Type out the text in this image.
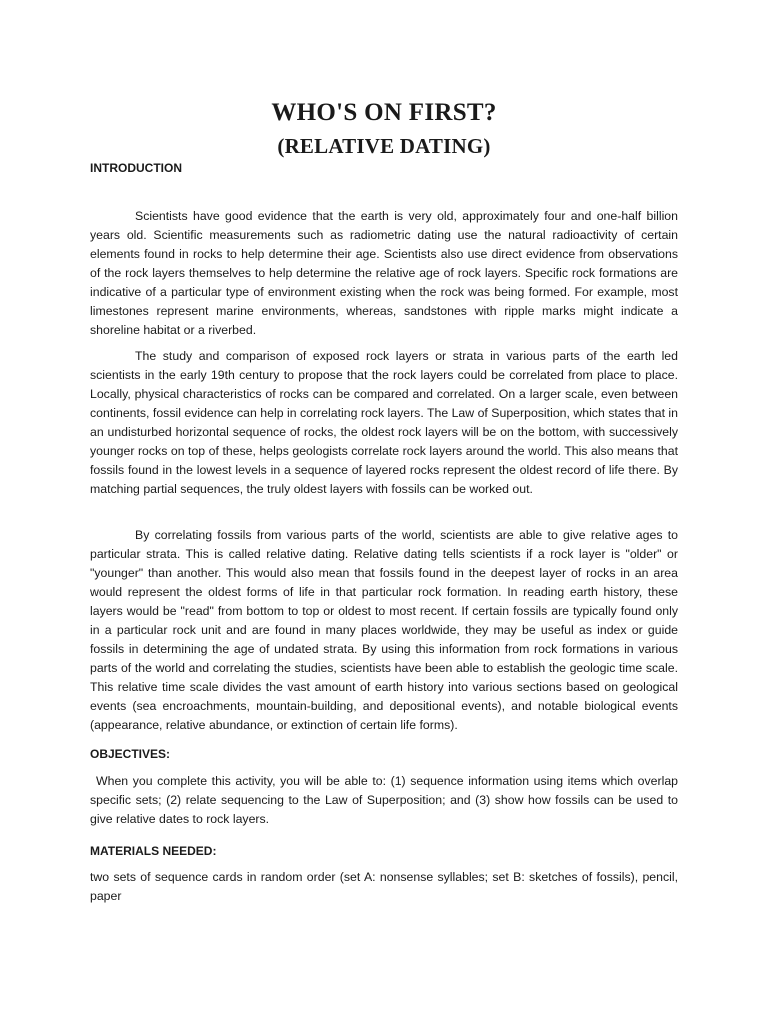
WHO'S ON FIRST?
(RELATIVE DATING)
INTRODUCTION

Scientists have good evidence that the earth is very old, approximately four and one-half billion years old. Scientific measurements such as radiometric dating use the natural radioactivity of certain elements found in rocks to help determine their age. Scientists also use direct evidence from observations of the rock layers themselves to help determine the relative age of rock layers. Specific rock formations are indicative of a particular type of environment existing when the rock was being formed. For example, most limestones represent marine environments, whereas, sandstones with ripple marks might indicate a shoreline habitat or a riverbed.

The study and comparison of exposed rock layers or strata in various parts of the earth led scientists in the early 19th century to propose that the rock layers could be correlated from place to place. Locally, physical characteristics of rocks can be compared and correlated. On a larger scale, even between continents, fossil evidence can help in correlating rock layers. The Law of Superposition, which states that in an undisturbed horizontal sequence of rocks, the oldest rock layers will be on the bottom, with successively younger rocks on top of these, helps geologists correlate rock layers around the world. This also means that fossils found in the lowest levels in a sequence of layered rocks represent the oldest record of life there. By matching partial sequences, the truly oldest layers with fossils can be worked out.

By correlating fossils from various parts of the world, scientists are able to give relative ages to particular strata. This is called relative dating. Relative dating tells scientists if a rock layer is "older" or "younger" than another. This would also mean that fossils found in the deepest layer of rocks in an area would represent the oldest forms of life in that particular rock formation. In reading earth history, these layers would be "read" from bottom to top or oldest to most recent. If certain fossils are typically found only in a particular rock unit and are found in many places worldwide, they may be useful as index or guide fossils in determining the age of undated strata. By using this information from rock formations in various parts of the world and correlating the studies, scientists have been able to establish the geologic time scale. This relative time scale divides the vast amount of earth history into various sections based on geological events (sea encroachments, mountain-building, and depositional events), and notable biological events (appearance, relative abundance, or extinction of certain life forms).

OBJECTIVES:

When you complete this activity, you will be able to: (1) sequence information using items which overlap specific sets; (2) relate sequencing to the Law of Superposition; and (3) show how fossils can be used to give relative dates to rock layers.

MATERIALS NEEDED:

two sets of sequence cards in random order (set A: nonsense syllables; set B: sketches of fossils), pencil, paper
